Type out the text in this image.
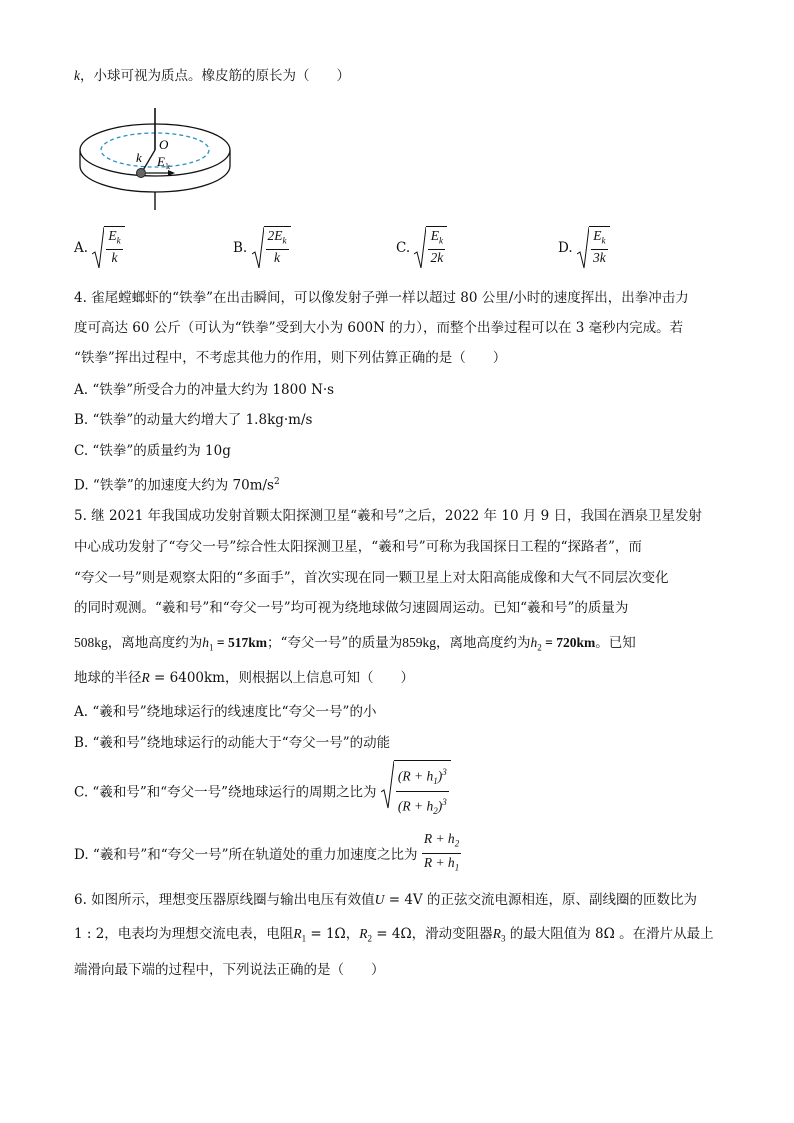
k，小球可视为质点。橡皮筋的原长为（　　）
O
k E k
A. $\frac{E_k}{k}$	B. $\frac{2E_k}{k}$	C. $\frac{E_k}{2k}$	D. $\frac{E_k}{3k}$
4. 雀尾螳螂虾的“铁拳”在出击瞬间，可以像发射子弹一样以超过 80 公里/小时的速度挥出，出拳冲击力
度可高达 60 公斤（可认为“铁拳”受到大小为 600N 的力），而整个出拳过程可以在 3 毫秒内完成。若
“铁拳”挥出过程中，不考虑其他力的作用，则下列估算正确的是（　　）
A. “铁拳”所受合力的冲量大约为 1800 N·s
B. “铁拳”的动量大约增大了 1.8kg·m/s
C. “铁拳”的质量约为 10g
D. “铁拳”的加速度大约为 $70m/s^2$
5. 继 2021 年我国成功发射首颗太阳探测卫星“羲和号”之后，2022 年 10 月 9 日，我国在酒泉卫星发射
中心成功发射了“夸父一号”综合性太阳探测卫星，“羲和号”可称为我国探日工程的“探路者”，而
“夸父一号”则是观察太阳的“多面手”，首次实现在同一颗卫星上对太阳高能成像和大气不同层次变化
的同时观测。“羲和号”和“夸父一号”均可视为绕地球做匀速圆周运动。已知“羲和号”的质量为
508kg，离地高度约为$h_1 = 517km$；“夸父一号”的质量为859kg，离地高度约为$h_2 = 720km$。已知
地球的半径R = 6400km，则根据以上信息可知（　　）
A. “羲和号”绕地球运行的线速度比“夸父一号”的小
B. “羲和号”绕地球运行的动能大于“夸父一号”的动能
C. “羲和号”和“夸父一号”绕地球运行的周期之比为 $\frac{(R + h_1)^3}{(R + h_2)^3}$
D. “羲和号”和“夸父一号”所在轨道处的重力加速度之比为 $\frac{R + h_2}{R + h_1}$
6. 如图所示，理想变压器原线圈与输出电压有效值U = 4V 的正弦交流电源相连，原、副线圈的匝数比为
1 : 2，电表均为理想交流电表，电阻$R_1 = 1\Omega$，$R_2 = 4\Omega$，滑动变阻器$R_3$ 的最大阻值为 8Ω 。在滑片从最上
端滑向最下端的过程中，下列说法正确的是（　　）
